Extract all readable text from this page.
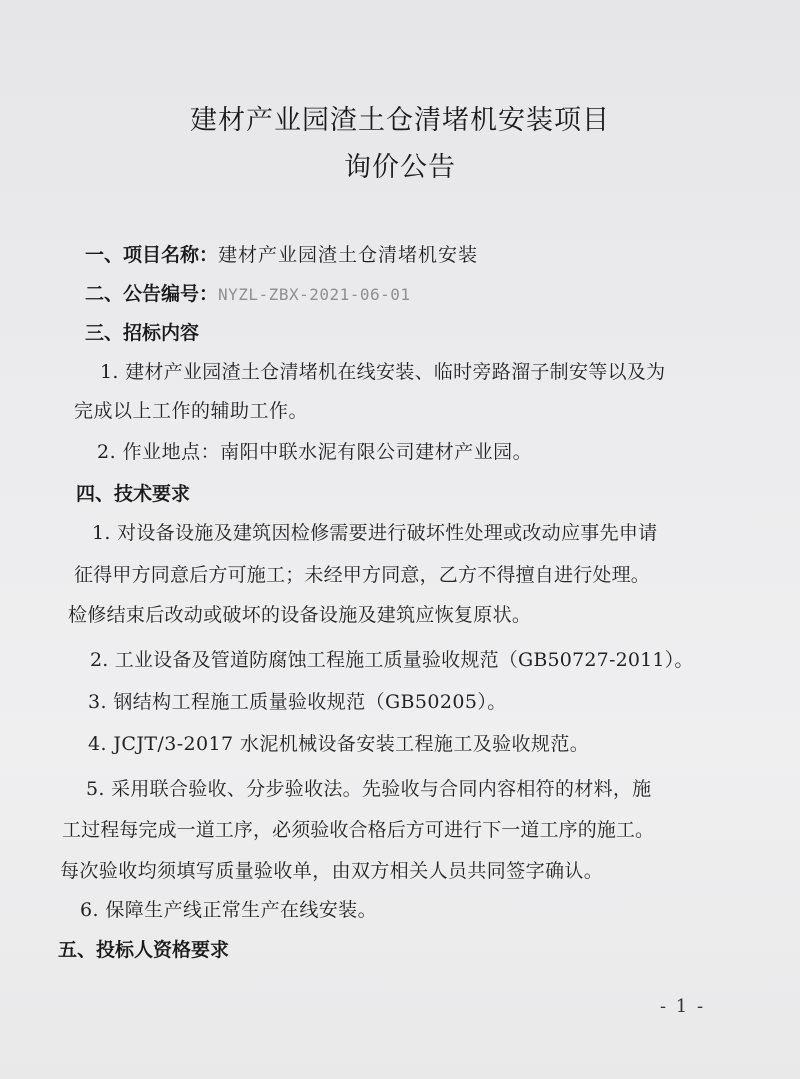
建材产业园渣土仓清堵机安装项目
询价公告
一、项目名称：建材产业园渣土仓清堵机安装
二、公告编号：NYZL-ZBX-2021-06-01
三、招标内容
1. 建材产业园渣土仓清堵机在线安装、临时旁路溜子制安等以及为
完成以上工作的辅助工作。
2. 作业地点：南阳中联水泥有限公司建材产业园。
四、技术要求
1. 对设备设施及建筑因检修需要进行破坏性处理或改动应事先申请
征得甲方同意后方可施工；未经甲方同意，乙方不得擅自进行处理。
检修结束后改动或破坏的设备设施及建筑应恢复原状。
2. 工业设备及管道防腐蚀工程施工质量验收规范（GB50727-2011）。
3. 钢结构工程施工质量验收规范（GB50205）。
4. JCJT/3-2017 水泥机械设备安装工程施工及验收规范。
5. 采用联合验收、分步验收法。先验收与合同内容相符的材料，施
工过程每完成一道工序，必须验收合格后方可进行下一道工序的施工。
每次验收均须填写质量验收单，由双方相关人员共同签字确认。
6. 保障生产线正常生产在线安装。
五、投标人资格要求
- 1 -
